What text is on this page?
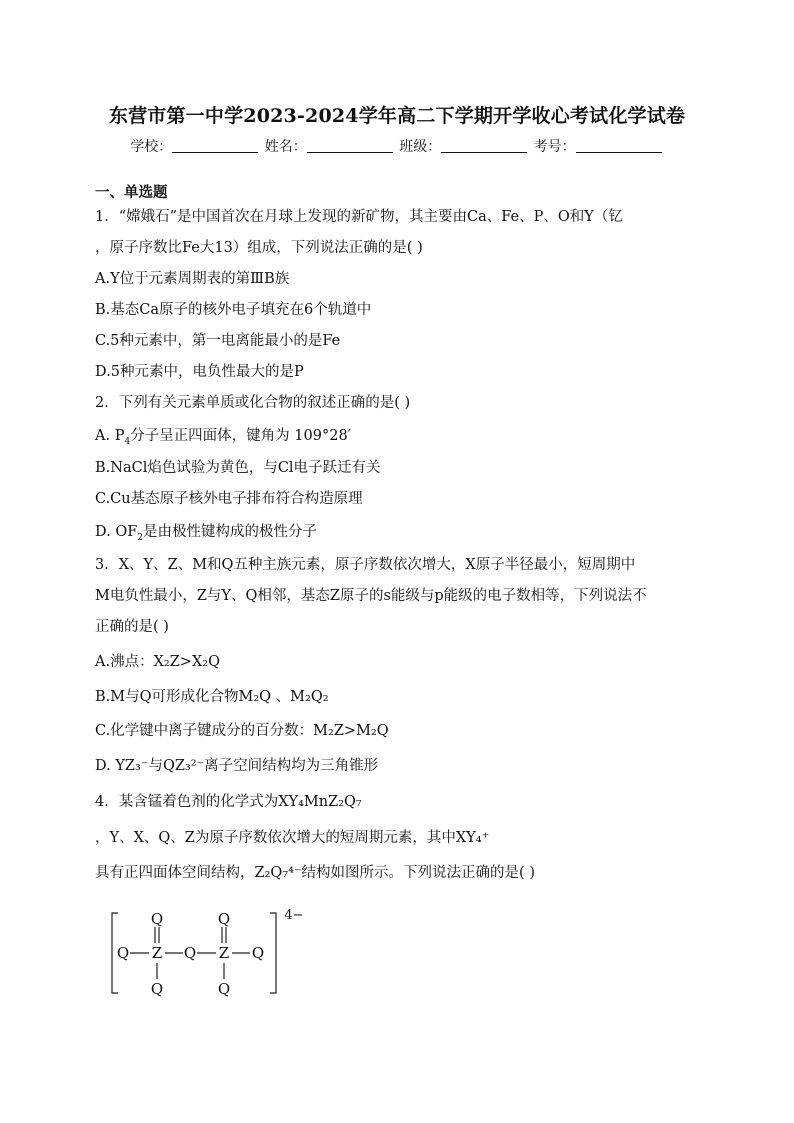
东营市第一中学2023-2024学年高二下学期开学收心考试化学试卷
学校：	姓名：	班级：	考号：
一、单选题
1．“嫦娥石”是中国首次在月球上发现的新矿物，其主要由Ca、Fe、P、O和Y（钇
，原子序数比Fe大13）组成，下列说法正确的是( )
A.Y位于元素周期表的第ⅢB族
B.基态Ca原子的核外电子填充在6个轨道中
C.5种元素中，第一电离能最小的是Fe
D.5种元素中，电负性最大的是P
2．下列有关元素单质或化合物的叙述正确的是( )
A. $P_4$分子呈正四面体，键角为 109°28′
B.NaCl焰色试验为黄色，与Cl电子跃迁有关
C.Cu基态原子核外电子排布符合构造原理
D. $OF_2$是由极性键构成的极性分子
3．X、Y、Z、M和Q五种主族元素，原子序数依次增大，X原子半径最小，短周期中
M电负性最小，Z与Y、Q相邻，基态Z原子的s能级与p能级的电子数相等，下列说法不
正确的是( )
A.沸点：X₂Z>X₂Q
B.M与Q可形成化合物M₂Q 、M₂Q₂
C.化学键中离子键成分的百分数：M₂Z>M₂Q
D. YZ₃⁻与QZ₃²⁻离子空间结构均为三角锥形
4．某含锰着色剂的化学式为XY₄MnZ₂Q₇
，Y、X、Q、Z为原子序数依次增大的短周期元素，其中XY₄⁺
具有正四面体空间结构，Z₂Q₇⁴⁻结构如图所示。下列说法正确的是( )
Q Z Q Z Q
Q
Q
Q
Q
4−
